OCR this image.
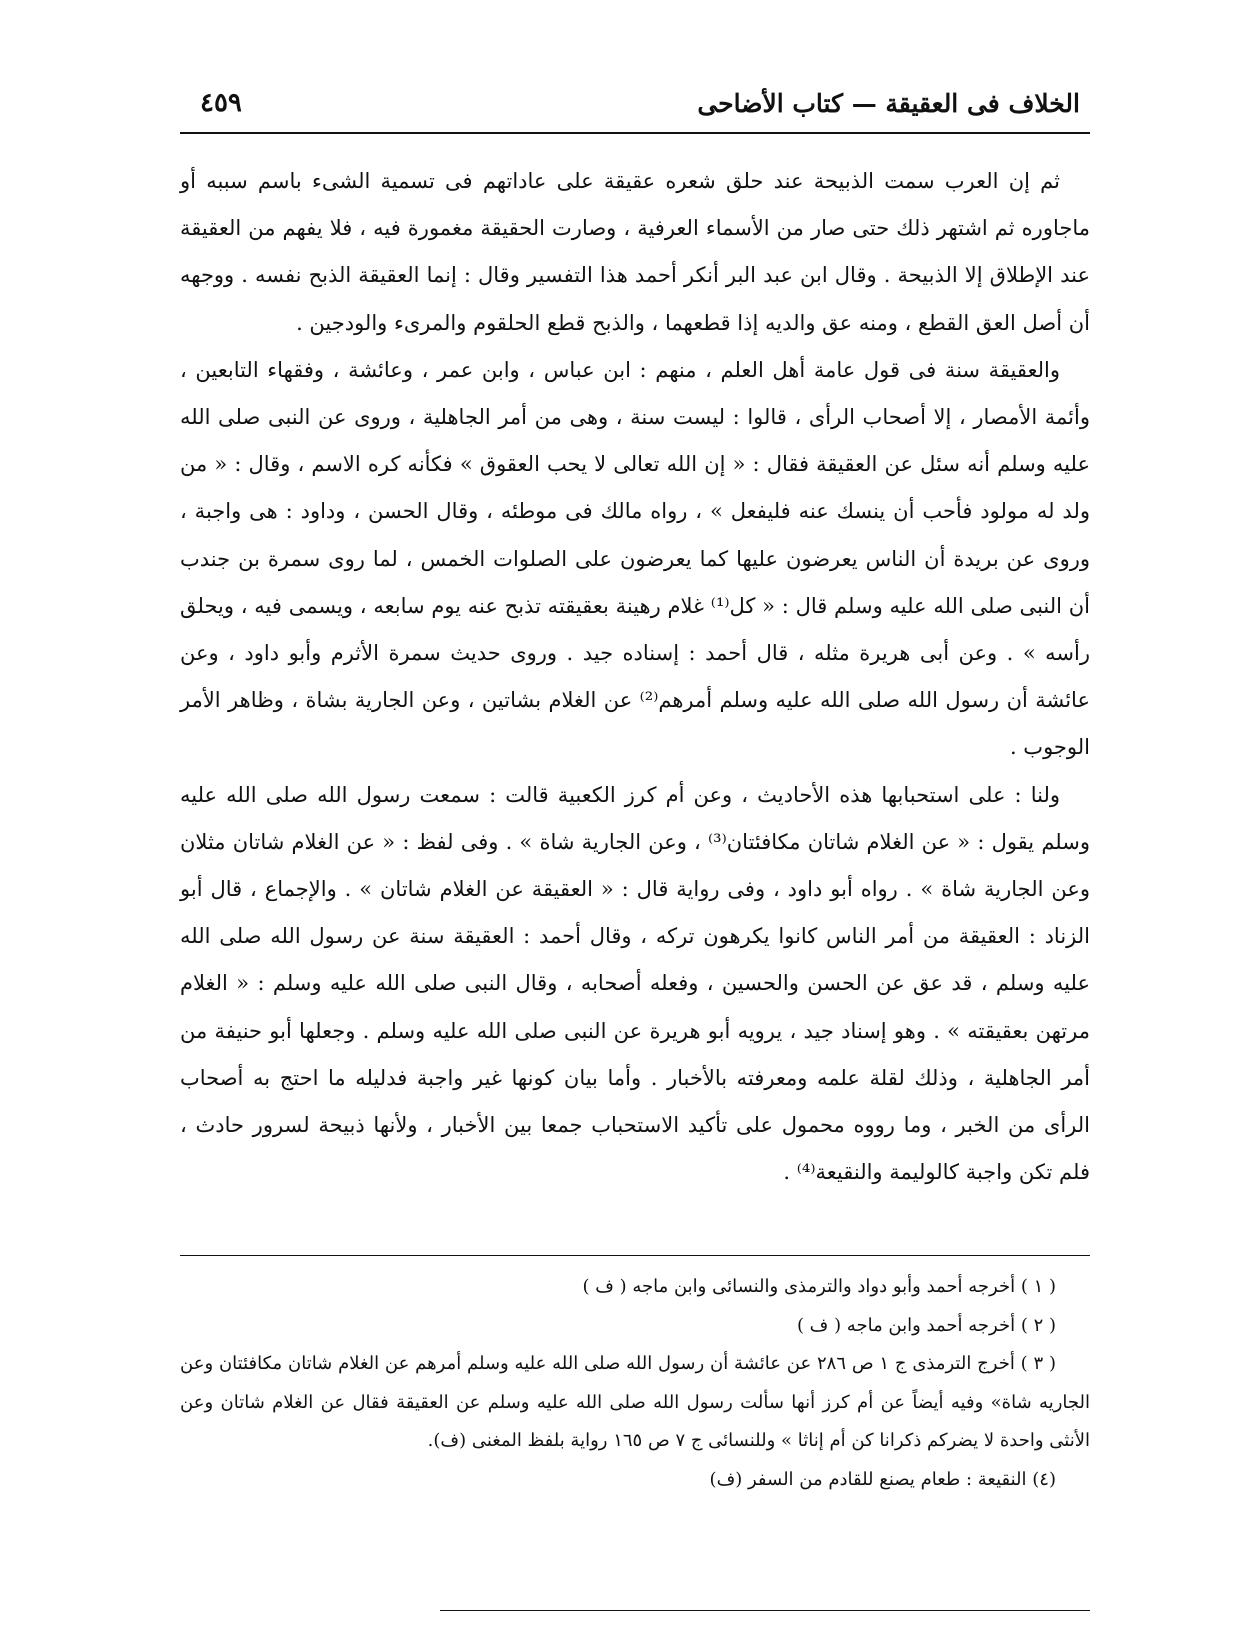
الخلاف فى العقيقة — كتاب الأضاحى
٤٥٩

ثم إن العرب سمت الذبيحة عند حلق شعره عقيقة على عاداتهم فى تسمية الشىء باسم سببه أو ماجاوره ثم اشتهر ذلك حتى صار من الأسماء العرفية ، وصارت الحقيقة مغمورة فيه ، فلا يفهم من العقيقة عند الإطلاق إلا الذبيحة . وقال ابن عبد البر أنكر أحمد هذا التفسير وقال : إنما العقيقة الذبح نفسه . ووجهه أن أصل العق القطع ، ومنه عق والديه إذا قطعهما ، والذبح قطع الحلقوم والمرىء والودجين .

والعقيقة سنة فى قول عامة أهل العلم ، منهم : ابن عباس ، وابن عمر ، وعائشة ، وفقهاء التابعين ، وأئمة الأمصار ، إلا أصحاب الرأى ، قالوا : ليست سنة ، وهى من أمر الجاهلية ، وروى عن النبى صلى الله عليه وسلم أنه سئل عن العقيقة فقال : « إن الله تعالى لا يحب العقوق » فكأنه كره الاسم ، وقال : « من ولد له مولود فأحب أن ينسك عنه فليفعل » ، رواه مالك فى موطئه ، وقال الحسن ، وداود : هى واجبة ، وروى عن بريدة أن الناس يعرضون عليها كما يعرضون على الصلوات الخمس ، لما روى سمرة بن جندب أن النبى صلى الله عليه وسلم قال : « كل⁽¹⁾ غلام رهينة بعقيقته تذبح عنه يوم سابعه ، ويسمى فيه ، ويحلق رأسه » . وعن أبى هريرة مثله ، قال أحمد : إسناده جيد . وروى حديث سمرة الأثرم وأبو داود ، وعن عائشة أن رسول الله صلى الله عليه وسلم أمرهم⁽²⁾ عن الغلام بشاتين ، وعن الجارية بشاة ، وظاهر الأمر الوجوب .

ولنا : على استحبابها هذه الأحاديث ، وعن أم كرز الكعبية قالت : سمعت رسول الله صلى الله عليه وسلم يقول : « عن الغلام شاتان مكافئتان⁽³⁾ ، وعن الجارية شاة » . وفى لفظ : « عن الغلام شاتان مثلان وعن الجارية شاة » . رواه أبو داود ، وفى رواية قال : « العقيقة عن الغلام شاتان » . والإجماع ، قال أبو الزناد : العقيقة من أمر الناس كانوا يكرهون تركه ، وقال أحمد : العقيقة سنة عن رسول الله صلى الله عليه وسلم ، قد عق عن الحسن والحسين ، وفعله أصحابه ، وقال النبى صلى الله عليه وسلم : « الغلام مرتهن بعقيقته » . وهو إسناد جيد ، يرويه أبو هريرة عن النبى صلى الله عليه وسلم . وجعلها أبو حنيفة من أمر الجاهلية ، وذلك لقلة علمه ومعرفته بالأخبار . وأما بيان كونها غير واجبة فدليله ما احتج به أصحاب الرأى من الخبر ، وما رووه محمول على تأكيد الاستحباب جمعا بين الأخبار ، ولأنها ذبيحة لسرور حادث ، فلم تكن واجبة كالوليمة والنقيعة⁽⁴⁾ .

( ١ ) أخرجه أحمد وأبو دواد والترمذى والنسائى وابن ماجه ( ف )

( ٢ ) أخرجه أحمد وابن ماجه ( ف )

( ٣ ) أخرج الترمذى ج ١ ص ٢٨٦ عن عائشة أن رسول الله صلى الله عليه وسلم أمرهم عن الغلام شاتان مكافئتان وعن الجاريه شاة» وفيه أيضاً عن أم كرز أنها سألت رسول الله صلى الله عليه وسلم عن العقيقة فقال عن الغلام شاتان وعن الأنثى واحدة لا يضركم ذكرانا كن أم إناثا » وللنسائى ج ٧ ص ١٦٥ رواية بلفظ المغنى (ف).

(٤) النقيعة : طعام يصنع للقادم من السفر (ف)
